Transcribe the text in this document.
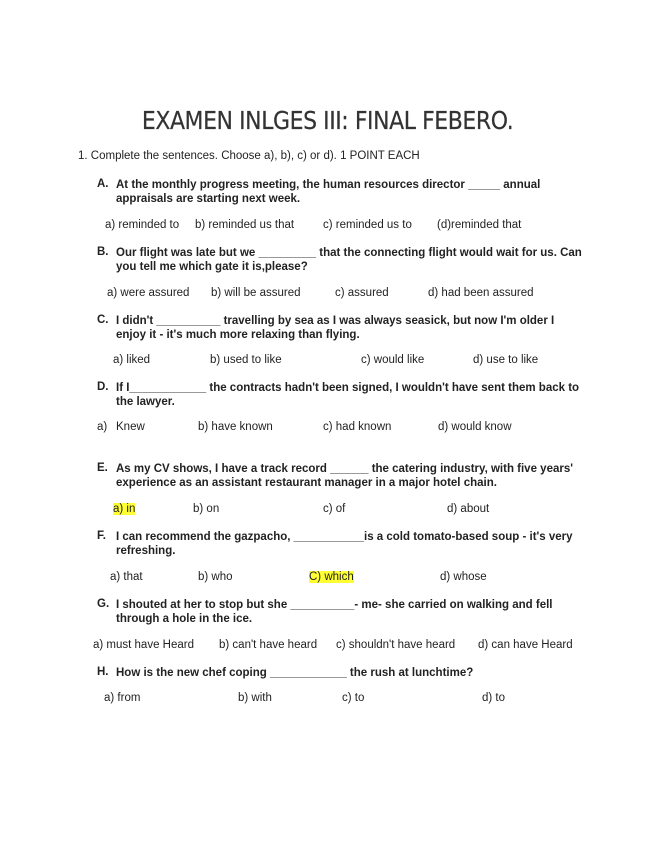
EXAMEN INLGES III: FINAL FEBERO.
1. Complete the sentences. Choose a), b), c) or d). 1 POINT EACH
A. At the monthly progress meeting, the human resources director _____ annual appraisals are starting next week.
a) reminded to b) reminded us that	c) reminded us to (d)reminded that
B. Our flight was late but we _________ that the connecting flight would wait for us. Can you tell me which gate it is,please?
a) were assured b) will be assured	c) assured	d) had been assured
C. I didn't __________ travelling by sea as I was always seasick, but now I'm older I enjoy it - it's much more relaxing than flying.
a) liked	b) used to like	c) would like	d) use to like
D. If I____________ the contracts hadn't been signed, I wouldn't have sent them back to the lawyer.
a) Knew	b) have known	c) had known	d) would know
E. As my CV shows, I have a track record ______ the catering industry, with five years' experience as an assistant restaurant manager in a major hotel chain.
a) in	b) on	c) of	d) about
F. I can recommend the gazpacho, ___________is a cold tomato-based soup - it's very refreshing.
a) that	b) who	C) which	d) whose
G. I shouted at her to stop but she __________- me- she carried on walking and fell through a hole in the ice.
a) must have Heard b) can't have heard c) shouldn't have heard d) can have Heard
H. How is the new chef coping ____________ the rush at lunchtime?
a) from	b) with	c) to	d) to
